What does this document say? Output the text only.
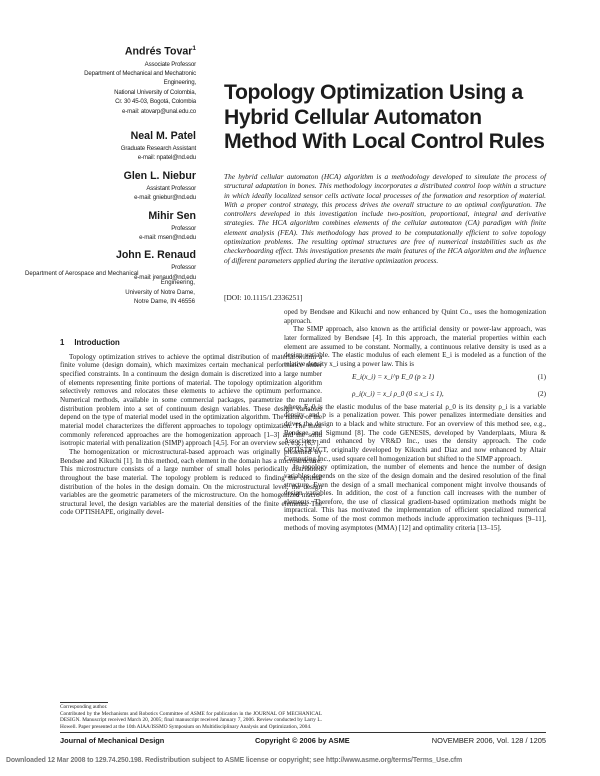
Andrés Tovar$^1$
Associate Professor
Department of Mechanical and Mechatronic
Engineering,
National University of Colombia,
Cr. 30 45-03, Bogotá, Colombia
e-mail: atovarp@unal.edu.co
Neal M. Patel
Graduate Research Assistant
e-mail: npatel@nd.edu
Glen L. Niebur
Assistant Professor
e-mail: gniebur@nd.edu
Mihir Sen
Professor
e-mail: msen@nd.edu
John E. Renaud
Professor
e-mail: jrenaud@nd.edu
Department of Aerospace and Mechanical
Engineering,
University of Notre Dame,
Notre Dame, IN 46556
Topology Optimization Using a
Hybrid Cellular Automaton
Method With Local Control Rules
The hybrid cellular automaton (HCA) algorithm is a methodology developed to simulate the process of structural adaptation in bones. This methodology incorporates a distributed control loop within a structure in which ideally localized sensor cells activate local processes of the formation and resorption of material. With a proper control strategy, this process drives the overall structure to an optimal configuration. The controllers developed in this investigation include two-position, proportional, integral and derivative strategies. The HCA algorithm combines elements of the cellular automaton (CA) paradigm with finite element analysis (FEA). This methodology has proved to be computationally efficient to solve topology optimization problems. The resulting optimal structures are free of numerical instabilities such as the checkerboarding effect. This investigation presents the main features of the HCA algorithm and the influence of different parameters applied during the iterative optimization process.
[DOI: 10.1115/1.2336251]
1 Introduction

Topology optimization strives to achieve the optimal distribution of material within a finite volume (design domain), which maximizes certain mechanical performance under specified constraints. In a continuum the design domain is discretized into a large number of elements representing finite portions of material. The topology optimization algorithm selectively removes and relocates these elements to achieve the optimum performance. Numerical methods, available in some commercial packages, parametrize the material distribution problem into a set of continuum design variables. These design variables depend on the type of material model used in the optimization algorithm. The nature of the material model characterizes the different approaches to topology optimization. The most commonly referenced approaches are the homogenization approach [1–3] and the solid isotropic material with penalization (SIMP) approach [4,5]. For an overview see, e.g., [6,7].

The homogenization or microstructural-based approach was originally presented by Bendsøe and Kikuchi [1]. In this method, each element in the domain has a microstructure. This microstructure consists of a large number of small holes periodically distributed throughout the base material. The topology problem is reduced to finding the optimal distribution of the holes in the design domain. On the microstructural level, the design variables are the geometric parameters of the microstructure. On the homogenized macro-structural level, the design variables are the material densities of the finite elements. The code OPTISHAPE, originally devel-

oped by Bendsøe and Kikuchi and now enhanced by Quint Co., uses the homogenization approach.

The SIMP approach, also known as the artificial density or power-law approach, was later formalized by Bendsøe [4]. In this approach, the material properties within each element are assumed to be constant. Normally, a continuous relative density is used as a design variable. The elastic modulus of each element E_i is modeled as a function of the relative density x_i using a power law. This is

E_i(x_i) = x_i^p E_0 (p ≥ 1)	(1)
ρ_i(x_i) = x_i ρ_0 (0 ≤ x_i ≤ 1),	(2)

where E_0 is the elastic modulus of the base material ρ_0 is its density ρ_i is a variable density, and p is a penalization power. This power penalizes intermediate densities and drives the design to a black and white structure. For an overview of this method see, e.g., Bendsøe and Sigmund [8]. The code GENESIS, developed by Vanderplaats, Miura & Associates and enhanced by VR&D Inc., uses the density approach. The code OPTISTRUCT, originally developed by Kikuchi and Diaz and now enhanced by Altair Computing Inc., used square cell homogenization but shifted to the SIMP approach.

In topology optimization, the number of elements and hence the number of design variables depends on the size of the design domain and the desired resolution of the final structure. Even the design of a small mechanical component might involve thousands of design variables. In addition, the cost of a function call increases with the number of elements. Therefore, the use of classical gradient-based optimization methods might be impractical. This has motivated the implementation of efficient specialized numerical methods. Some of the most common methods include approximation techniques [9–11], methods of moving asymptotes (MMA) [12] and optimality criteria [13–15].

Corresponding author.
Contributed by the Mechanisms and Robotics Committee of ASME for publication in the JOURNAL OF MECHANICAL DESIGN. Manuscript received March 20, 2005; final manuscript received January 7, 2006. Review conducted by Larry L. Howell. Paper presented at the 10th AIAA/ISSMO Symposium on Multidisciplinary Analysis and Optimization, 2004.
Journal of Mechanical Design	Copyright © 2006 by ASME	NOVEMBER 2006, Vol. 128 / 1205
Downloaded 12 Mar 2008 to 129.74.250.198. Redistribution subject to ASME license or copyright; see http://www.asme.org/terms/Terms_Use.cfm
